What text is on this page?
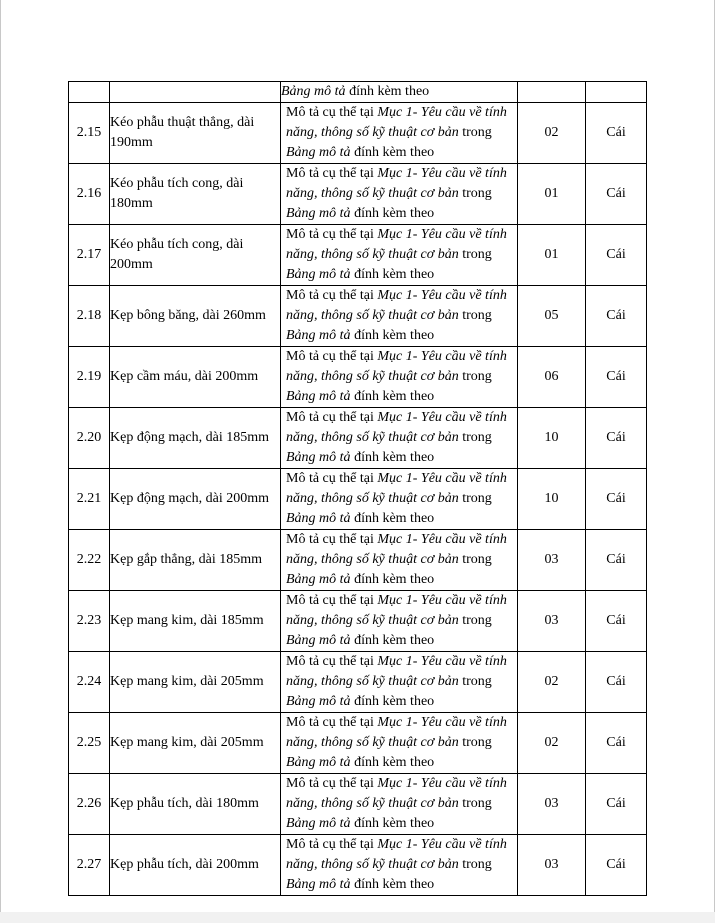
		Bảng mô tả đính kèm theo		
2.15	Kéo phẫu thuật thẳng, dài 190mm	Mô tả cụ thể tại Mục 1- Yêu cầu về tính năng, thông số kỹ thuật cơ bản trong Bảng mô tả đính kèm theo	02	Cái
2.16	Kéo phẫu tích cong, dài 180mm	Mô tả cụ thể tại Mục 1- Yêu cầu về tính năng, thông số kỹ thuật cơ bản trong Bảng mô tả đính kèm theo	01	Cái
2.17	Kéo phẫu tích cong, dài 200mm	Mô tả cụ thể tại Mục 1- Yêu cầu về tính năng, thông số kỹ thuật cơ bản trong Bảng mô tả đính kèm theo	01	Cái
2.18	Kẹp bông băng, dài 260mm	Mô tả cụ thể tại Mục 1- Yêu cầu về tính năng, thông số kỹ thuật cơ bản trong Bảng mô tả đính kèm theo	05	Cái
2.19	Kẹp cầm máu, dài 200mm	Mô tả cụ thể tại Mục 1- Yêu cầu về tính năng, thông số kỹ thuật cơ bản trong Bảng mô tả đính kèm theo	06	Cái
2.20	Kẹp động mạch, dài 185mm	Mô tả cụ thể tại Mục 1- Yêu cầu về tính năng, thông số kỹ thuật cơ bản trong Bảng mô tả đính kèm theo	10	Cái
2.21	Kẹp động mạch, dài 200mm	Mô tả cụ thể tại Mục 1- Yêu cầu về tính năng, thông số kỹ thuật cơ bản trong Bảng mô tả đính kèm theo	10	Cái
2.22	Kẹp gắp thẳng, dài 185mm	Mô tả cụ thể tại Mục 1- Yêu cầu về tính năng, thông số kỹ thuật cơ bản trong Bảng mô tả đính kèm theo	03	Cái
2.23	Kẹp mang kim, dài 185mm	Mô tả cụ thể tại Mục 1- Yêu cầu về tính năng, thông số kỹ thuật cơ bản trong Bảng mô tả đính kèm theo	03	Cái
2.24	Kẹp mang kim, dài 205mm	Mô tả cụ thể tại Mục 1- Yêu cầu về tính năng, thông số kỹ thuật cơ bản trong Bảng mô tả đính kèm theo	02	Cái
2.25	Kẹp mang kim, dài 205mm	Mô tả cụ thể tại Mục 1- Yêu cầu về tính năng, thông số kỹ thuật cơ bản trong Bảng mô tả đính kèm theo	02	Cái
2.26	Kẹp phẫu tích, dài 180mm	Mô tả cụ thể tại Mục 1- Yêu cầu về tính năng, thông số kỹ thuật cơ bản trong Bảng mô tả đính kèm theo	03	Cái
2.27	Kẹp phẫu tích, dài 200mm	Mô tả cụ thể tại Mục 1- Yêu cầu về tính năng, thông số kỹ thuật cơ bản trong Bảng mô tả đính kèm theo	03	Cái
